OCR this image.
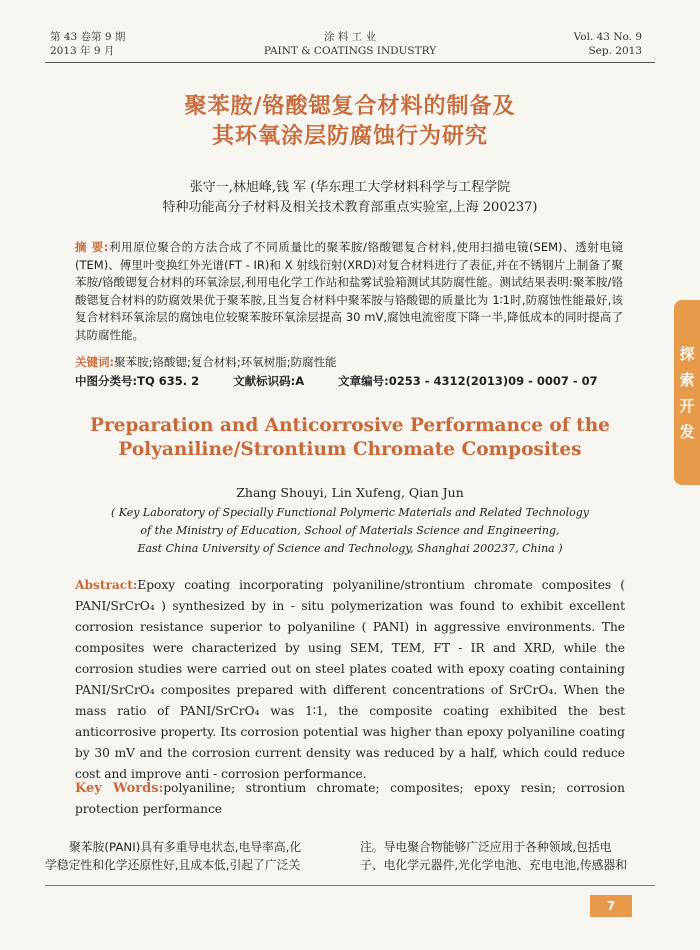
第 43 卷第 9 期
2013 年 9 月
涂 料 工 业
PAINT & COATINGS INDUSTRY
Vol. 43 No. 9
Sep. 2013
探
索
开
发
聚苯胺/铬酸锶复合材料的制备及
其环氧涂层防腐蚀行为研究
张守一,林旭峰,钱 军 (华东理工大学材料科学与工程学院
特种功能高分子材料及相关技术教育部重点实验室,上海 200237)
摘 要:利用原位聚合的方法合成了不同质量比的聚苯胺/铬酸锶复合材料,使用扫描电镜(SEM)、透射电镜(TEM)、傅里叶变换红外光谱(FT - IR)和 X 射线衍射(XRD)对复合材料进行了表征,并在不锈钢片上制备了聚苯胺/铬酸锶复合材料的环氧涂层,利用电化学工作站和盐雾试验箱测试其防腐性能。测试结果表明:聚苯胺/铬酸锶复合材料的防腐效果优于聚苯胺,且当复合材料中聚苯胺与铬酸锶的质量比为 1∶1时,防腐蚀性能最好,该复合材料环氧涂层的腐蚀电位较聚苯胺环氧涂层提高 30 mV,腐蚀电流密度下降一半,降低成本的同时提高了其防腐性能。
关键词:聚苯胺;铬酸锶;复合材料;环氧树脂;防腐性能
中图分类号:TQ 635. 2	文献标识码:A	文章编号:0253 - 4312(2013)09 - 0007 - 07
Preparation and Anticorrosive Performance of the
Polyaniline/Strontium Chromate Composites
Zhang Shouyi, Lin Xufeng, Qian Jun
( Key Laboratory of Specially Functional Polymeric Materials and Related Technology
of the Ministry of Education, School of Materials Science and Engineering,
East China University of Science and Technology, Shanghai 200237, China )
Abstract:Epoxy coating incorporating polyaniline/strontium chromate composites ( PANI/SrCrO₄ ) synthesized by in - situ polymerization was found to exhibit excellent corrosion resistance superior to polyaniline ( PANI) in aggressive environments. The composites were characterized by using SEM, TEM, FT - IR and XRD, while the corrosion studies were carried out on steel plates coated with epoxy coating containing PANI/SrCrO₄ composites prepared with different concentrations of SrCrO₄. When the mass ratio of PANI/SrCrO₄ was 1∶1, the composite coating exhibited the best anticorrosive property. Its corrosion potential was higher than epoxy polyaniline coating by 30 mV and the corrosion current density was reduced by a half, which could reduce cost and improve anti - corrosion performance.
Key Words:polyaniline; strontium chromate; composites; epoxy resin; corrosion protection performance
聚苯胺(PANI)具有多重导电状态,电导率高,化
学稳定性和化学还原性好,且成本低,引起了广泛关
注。导电聚合物能够广泛应用于各种领域,包括电
子、电化学元器件,光化学电池、充电电池,传感器和
7
